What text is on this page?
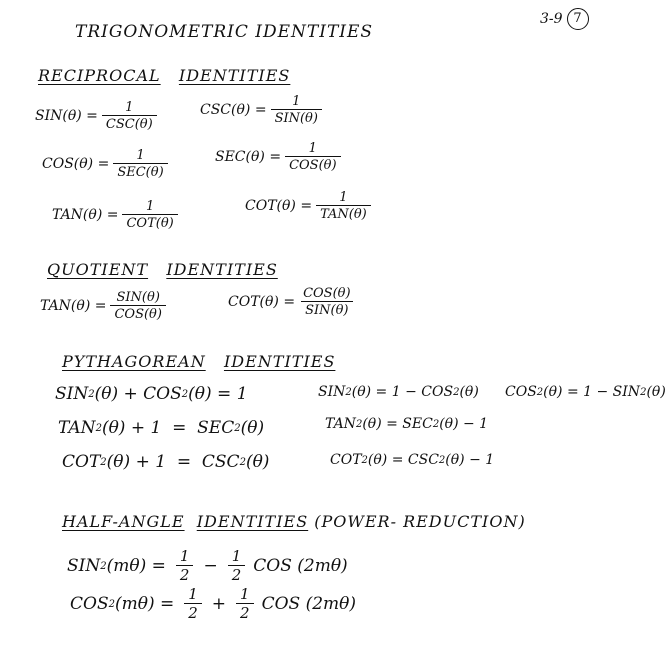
TRIGONOMETRIC IDENTITIES
3-9 7
RECIPROCAL IDENTITIES
$SIN(\theta) = \frac{1}{\text{CSC(θ)}}$	$CSC(\theta) = \frac{1}{\text{SIN(θ)}}$
$COS(\theta) = \frac{1}{\text{SEC(θ)}}$	$SEC(\theta) = \frac{1}{\text{COS(θ)}}$
$TAN(\theta) = \frac{1}{\text{COT(θ)}}$	$COT(\theta) = \frac{1}{\text{TAN(θ)}}$
QUOTIENT IDENTITIES
$TAN(\theta) = \frac{\text{SIN(θ)}}{\text{COS(θ)}}$	$COT(\theta) = \frac{\text{COS(θ)}}{\text{SIN(θ)}}$
PYTHAGOREAN IDENTITIES
SIN 2 (θ) + COS 2 (θ) = 1
TAN 2 (θ) + 1  =  SEC 2 (θ)
COT 2 (θ) + 1  =  CSC 2 (θ)
SIN 2 (θ) = 1 − COS 2 (θ) COS 2 (θ) = 1 − SIN 2 (θ)
TAN 2 (θ) = SEC 2 (θ) − 1
COT 2 (θ) = CSC 2 (θ) − 1
HALF-ANGLE IDENTITIES (POWER- REDUCTION)
SIN 2 $(m\theta) = \frac{1}{2} - \frac{1}{2}$ COS (2mθ)
COS 2 $(m\theta) = \frac{1}{2} + \frac{1}{2}$ COS (2mθ)
